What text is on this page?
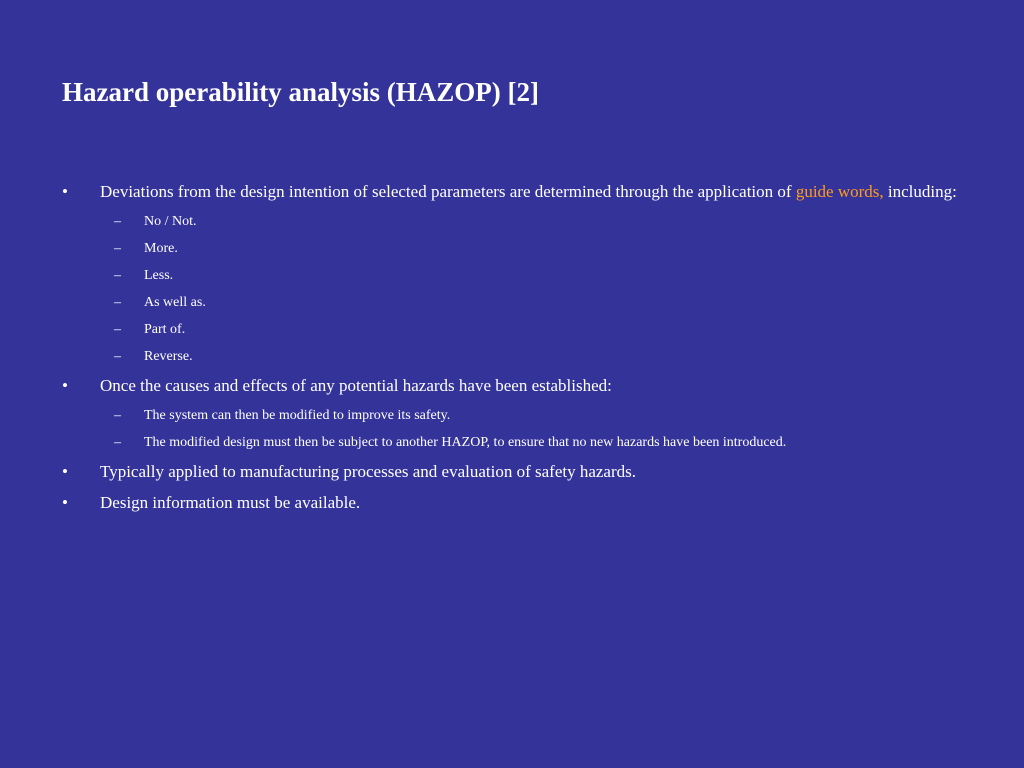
Hazard operability analysis (HAZOP) [2]
•	Deviations from the design intention of selected parameters are determined through the application of guide words, including:
– No / Not.
– More.
– Less.
– As well as.
– Part of.
– Reverse.
•	Once the causes and effects of any potential hazards have been established:
– The system can then be modified to improve its safety.
– The modified design must then be subject to another HAZOP, to ensure that no new hazards have been introduced.
•	Typically applied to manufacturing processes and evaluation of safety hazards.
•	Design information must be available.
